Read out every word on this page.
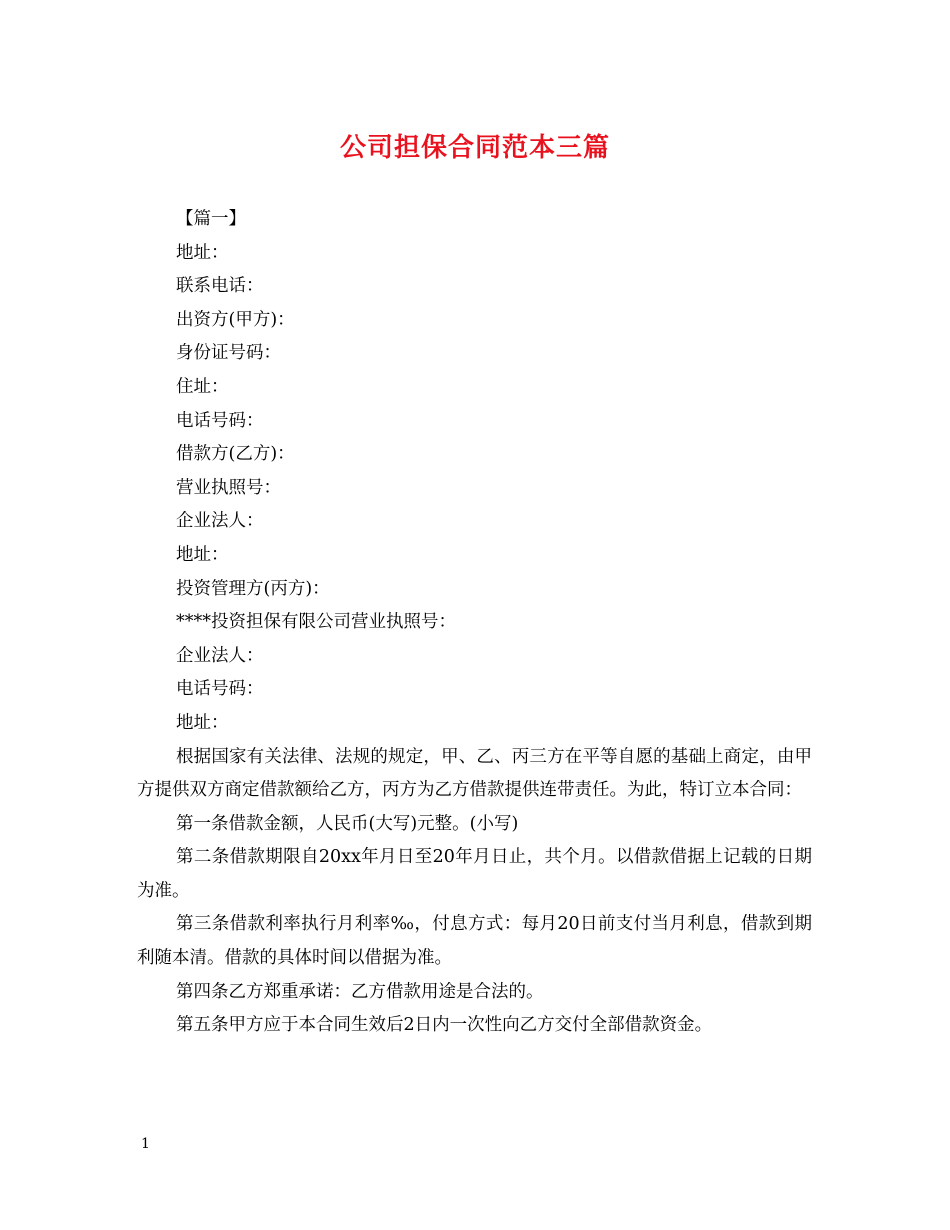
公司担保合同范本三篇

【篇一】

地址：

联系电话：

出资方(甲方)：

身份证号码：

住址：

电话号码：

借款方(乙方)：

营业执照号：

企业法人：

地址：

投资管理方(丙方)：

****投资担保有限公司营业执照号：

企业法人：

电话号码：

地址：

根据国家有关法律、法规的规定，甲、乙、丙三方在平等自愿的基础上商定，由甲方提供双方商定借款额给乙方，丙方为乙方借款提供连带责任。为此，特订立本合同：

第一条借款金额，人民币(大写)元整。(小写)

第二条借款期限自20xx年月日至20年月日止，共个月。以借款借据上记载的日期为准。

第三条借款利率执行月利率‰，付息方式：每月20日前支付当月利息，借款到期利随本清。借款的具体时间以借据为准。

第四条乙方郑重承诺：乙方借款用途是合法的。

第五条甲方应于本合同生效后2日内一次性向乙方交付全部借款资金。

1
